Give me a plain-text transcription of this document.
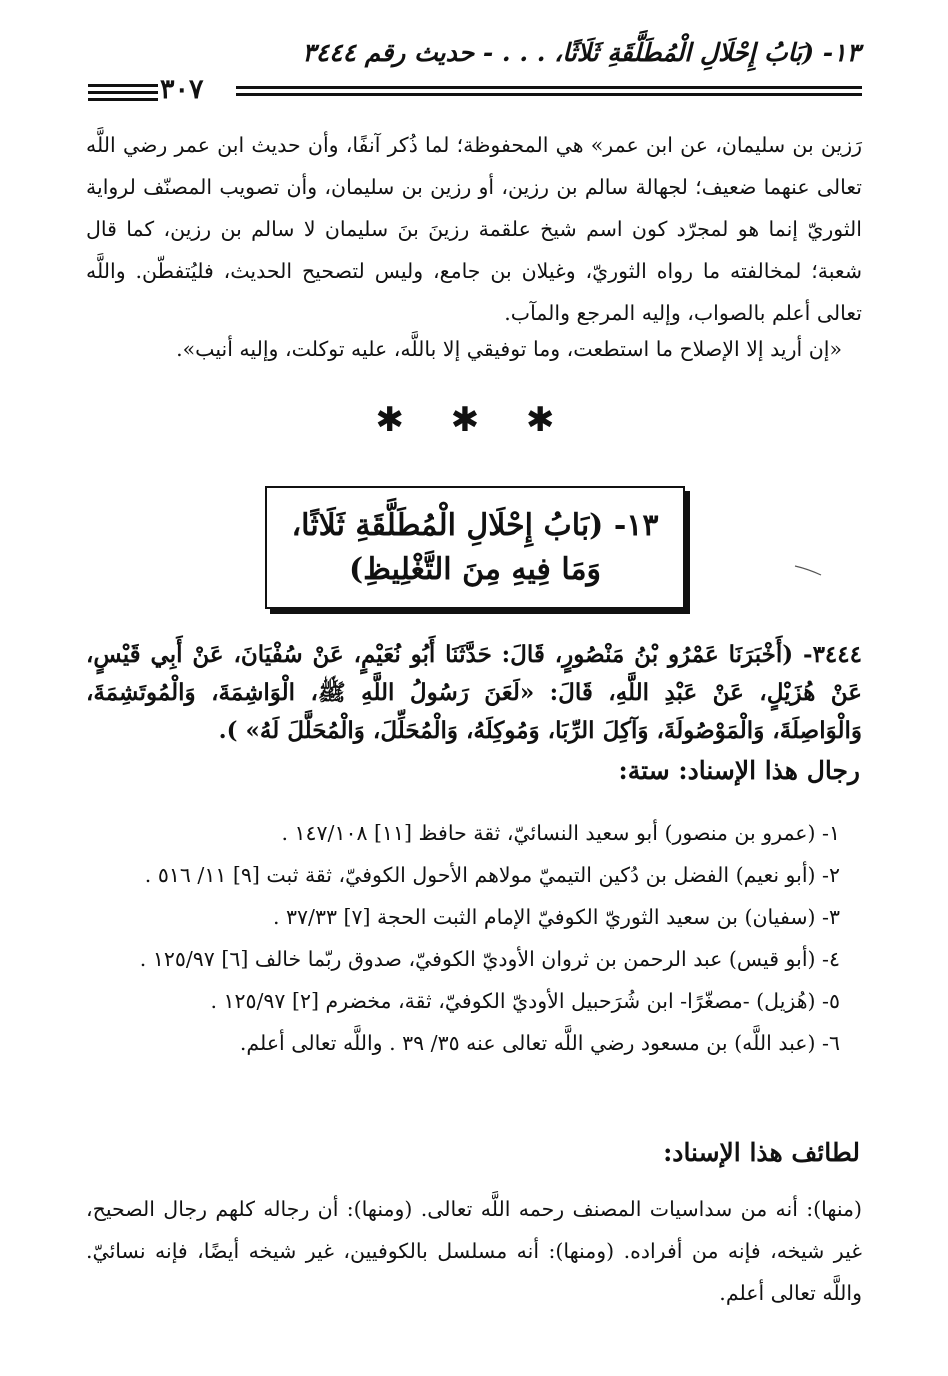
١٣- (بَابُ إِحْلَالِ الْمُطَلَّقَةِ ثَلَاثًا، . . . - حديث رقم ٣٤٤٤
٣٠٧

رَزين بن سليمان، عن ابن عمر» هي المحفوظة؛ لما ذُكر آنفًا، وأن حديث ابن عمر رضي اللَّه تعالى عنهما ضعيف؛ لجهالة سالم بن رزين، أو رزين بن سليمان، وأن تصويب المصنّف لرواية الثوريّ إنما هو لمجرّد كون اسم شيخ علقمة رزينَ بنَ سليمان لا سالم بن رزين، كما قال شعبة؛ لمخالفته ما رواه الثوريّ، وغيلان بن جامع، وليس لتصحيح الحديث، فليُتفطّن. واللَّه تعالى أعلم بالصواب، وإليه المرجع والمآب.

«إن أريد إلا الإصلاح ما استطعت، وما توفيقي إلا باللَّه، عليه توكلت، وإليه أنيب».

✱ ✱ ✱
١٣- (بَابُ إِحْلَالِ الْمُطَلَّقَةِ ثَلَاثًا،
وَمَا فِيهِ مِنَ التَّغْلِيظِ)

٣٤٤٤- (أَخْبَرَنَا عَمْرُو بْنُ مَنْصُورٍ، قَالَ: حَدَّثَنَا أَبُو نُعَيْمٍ، عَنْ سُفْيَانَ، عَنْ أَبِي قَيْسٍ، عَنْ هُزَيْلٍ، عَنْ عَبْدِ اللَّهِ، قَالَ: «لَعَنَ رَسُولُ اللَّهِ ﷺ، الْوَاشِمَةَ، وَالْمُوتَشِمَةَ، وَالْوَاصِلَةَ، وَالْمَوْصُولَةَ، وَآكِلَ الرِّبَا، وَمُوكِلَهُ، وَالْمُحَلِّلَ، وَالْمُحَلَّلَ لَهُ» ).

رجال هذا الإسناد: ستة:
١- (عمرو بن منصور) أبو سعيد النسائيّ، ثقة حافظ [١١] ١٤٧/١٠٨ .
٢- (أبو نعيم) الفضل بن دُكين التيميّ مولاهم الأحول الكوفيّ، ثقة ثبت [٩] ١١/ ٥١٦ .
٣- (سفيان) بن سعيد الثوريّ الكوفيّ الإمام الثبت الحجة [٧] ٣٧/٣٣ .
٤- (أبو قيس) عبد الرحمن بن ثروان الأوديّ الكوفيّ، صدوق ربّما خالف [٦] ١٢٥/٩٧ .
٥- (هُزيل) -مصغّرًا- ابن شُرَحبيل الأوديّ الكوفيّ، ثقة، مخضرم [٢] ١٢٥/٩٧ .
٦- (عبد اللَّه) بن مسعود رضي اللَّه تعالى عنه ٣٥/ ٣٩ . واللَّه تعالى أعلم.
لطائف هذا الإسناد:

(منها): أنه من سداسيات المصنف رحمه اللَّه تعالى. (ومنها): أن رجاله كلهم رجال الصحيح، غير شيخه، فإنه من أفراده. (ومنها): أنه مسلسل بالكوفيين، غير شيخه أيضًا، فإنه نسائيّ. واللَّه تعالى أعلم.
